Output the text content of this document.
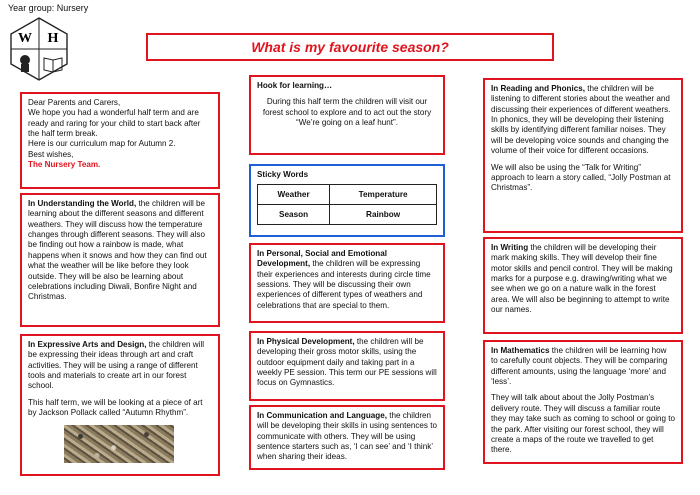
Year group: Nursery
W H
What is my favourite season?
Dear Parents and Carers,
We hope you had a wonderful half term and are ready and raring for your child to start back after the half term break.
Here is our curriculum map for Autumn 2.
Best wishes,
The Nursery Team.
In Understanding the World, the children will be learning about the different seasons and different weathers. They will discuss how the temperature changes through different seasons. They will also be finding out how a rainbow is made, what happens when it snows and how they can find out what the weather will be like before they look outside. They will be also be learning about celebrations including Diwali, Bonfire Night and Christmas.

In Expressive Arts and Design, the children will be expressing their ideas through art and craft activities. They will be using a range of different tools and materials to create art in our forest school.

This half term, we will be looking at a piece of art by Jackson Pollack called “Autumn Rhythm”.

Hook for learning…

During this half term the children will visit our forest school to explore and to act out the story “We’re going on a leaf hunt”.

Sticky Words
Weather	Temperature
Season	Rainbow
In Personal, Social and Emotional Development, the children will be expressing their experiences and interests during circle time sessions. They will be discussing their own experiences of different types of weathers and celebrations that are special to them.
In Physical Development, the children will be developing their gross motor skills, using the outdoor equipment daily and taking part in a weekly PE session. This term our PE sessions will focus on Gymnastics.
In Communication and Language, the children will be developing their skills in using sentences to communicate with others. They will be using sentence starters such as, ‘I can see’ and ‘I think’ when sharing their ideas.

In Reading and Phonics, the children will be listening to different stories about the weather and discussing their experiences of different weathers. In phonics, they will be developing their listening skills by identifying different familiar noises. They will be developing voice sounds and changing the volume of their voice for different occasions.

We will also be using the “Talk for Writing” approach to learn a story called, “Jolly Postman at Christmas”.

In Writing the children will be developing their mark making skills. They will develop their fine motor skills and pencil control. They will be making marks for a purpose e.g. drawing/writing what we see when we go on a nature walk in the forest area. We will also be beginning to attempt to write our names.

In Mathematics the children will be learning how to carefully count objects. They will be comparing different amounts, using the language ‘more’ and ‘less’.

They will talk about about the Jolly Postman’s delivery route. They will discuss a familiar route they may take such as coming to school or going to the park. After visiting our forest school, they will create a maps of the route we travelled to get there.
